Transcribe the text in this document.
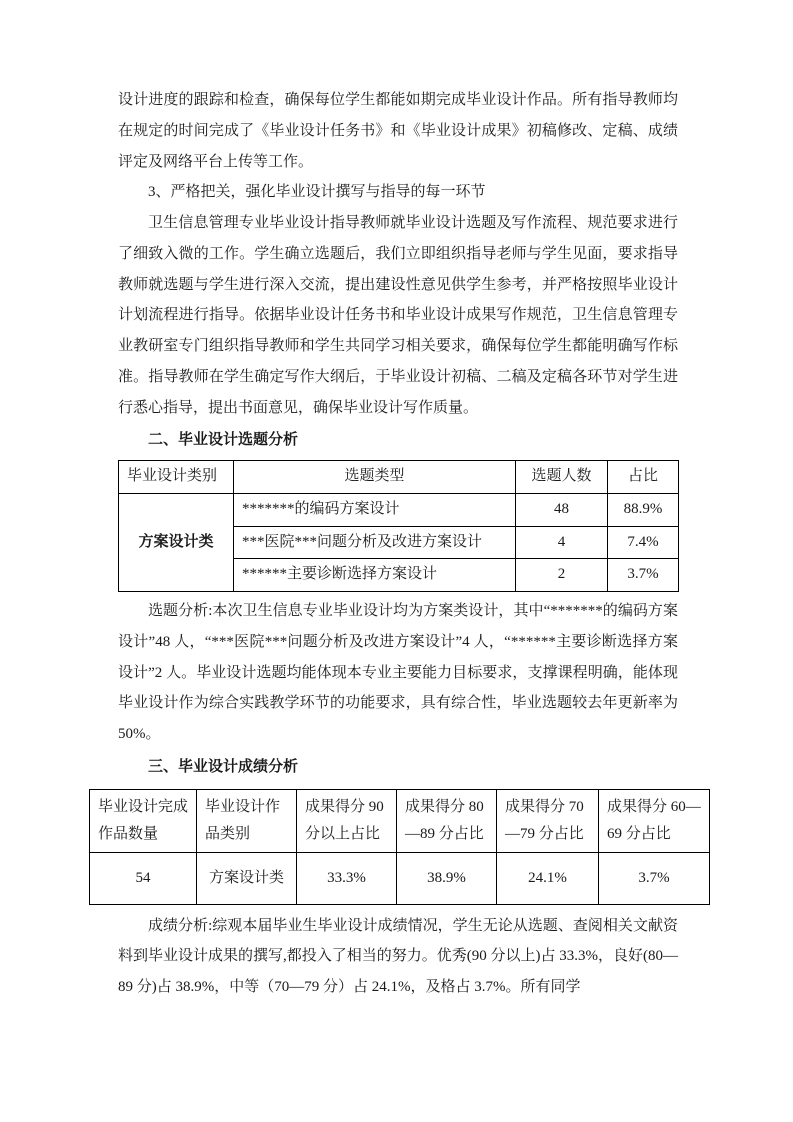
设计进度的跟踪和检查，确保每位学生都能如期完成毕业设计作品。所有指导教师均在规定的时间完成了《毕业设计任务书》和《毕业设计成果》初稿修改、定稿、成绩评定及网络平台上传等工作。

3、严格把关，强化毕业设计撰写与指导的每一环节

卫生信息管理专业毕业设计指导教师就毕业设计选题及写作流程、规范要求进行了细致入微的工作。学生确立选题后，我们立即组织指导老师与学生见面，要求指导教师就选题与学生进行深入交流，提出建设性意见供学生参考，并严格按照毕业设计计划流程进行指导。依据毕业设计任务书和毕业设计成果写作规范，卫生信息管理专业教研室专门组织指导教师和学生共同学习相关要求，确保每位学生都能明确写作标准。指导教师在学生确定写作大纲后，于毕业设计初稿、二稿及定稿各环节对学生进行悉心指导，提出书面意见，确保毕业设计写作质量。

二、毕业设计选题分析

毕业设计类别	选题类型	选题人数	占比
方案设计类	*******的编码方案设计	48	88.9%
	***医院***问题分析及改进方案设计	4	7.4%
	******主要诊断选择方案设计	2	3.7%

选题分析:本次卫生信息专业毕业设计均为方案类设计，其中“*******的编码方案设计”48 人，“***医院***问题分析及改进方案设计”4 人，“******主要诊断选择方案设计”2 人。毕业设计选题均能体现本专业主要能力目标要求，支撑课程明确，能体现毕业设计作为综合实践教学环节的功能要求，具有综合性，毕业选题较去年更新率为 50%。

三、毕业设计成绩分析

毕业设计完成作品数量	毕业设计作品类别	成果得分 90 分以上占比	成果得分 80—89 分占比	成果得分 70—79 分占比	成果得分 60—69 分占比
54	方案设计类	33.3%	38.9%	24.1%	3.7%

成绩分析:综观本届毕业生毕业设计成绩情况，学生无论从选题、查阅相关文献资料到毕业设计成果的撰写,都投入了相当的努力。优秀(90 分以上)占 33.3%，良好(80—89 分)占 38.9%，中等（70—79 分）占 24.1%，及格占 3.7%。所有同学
